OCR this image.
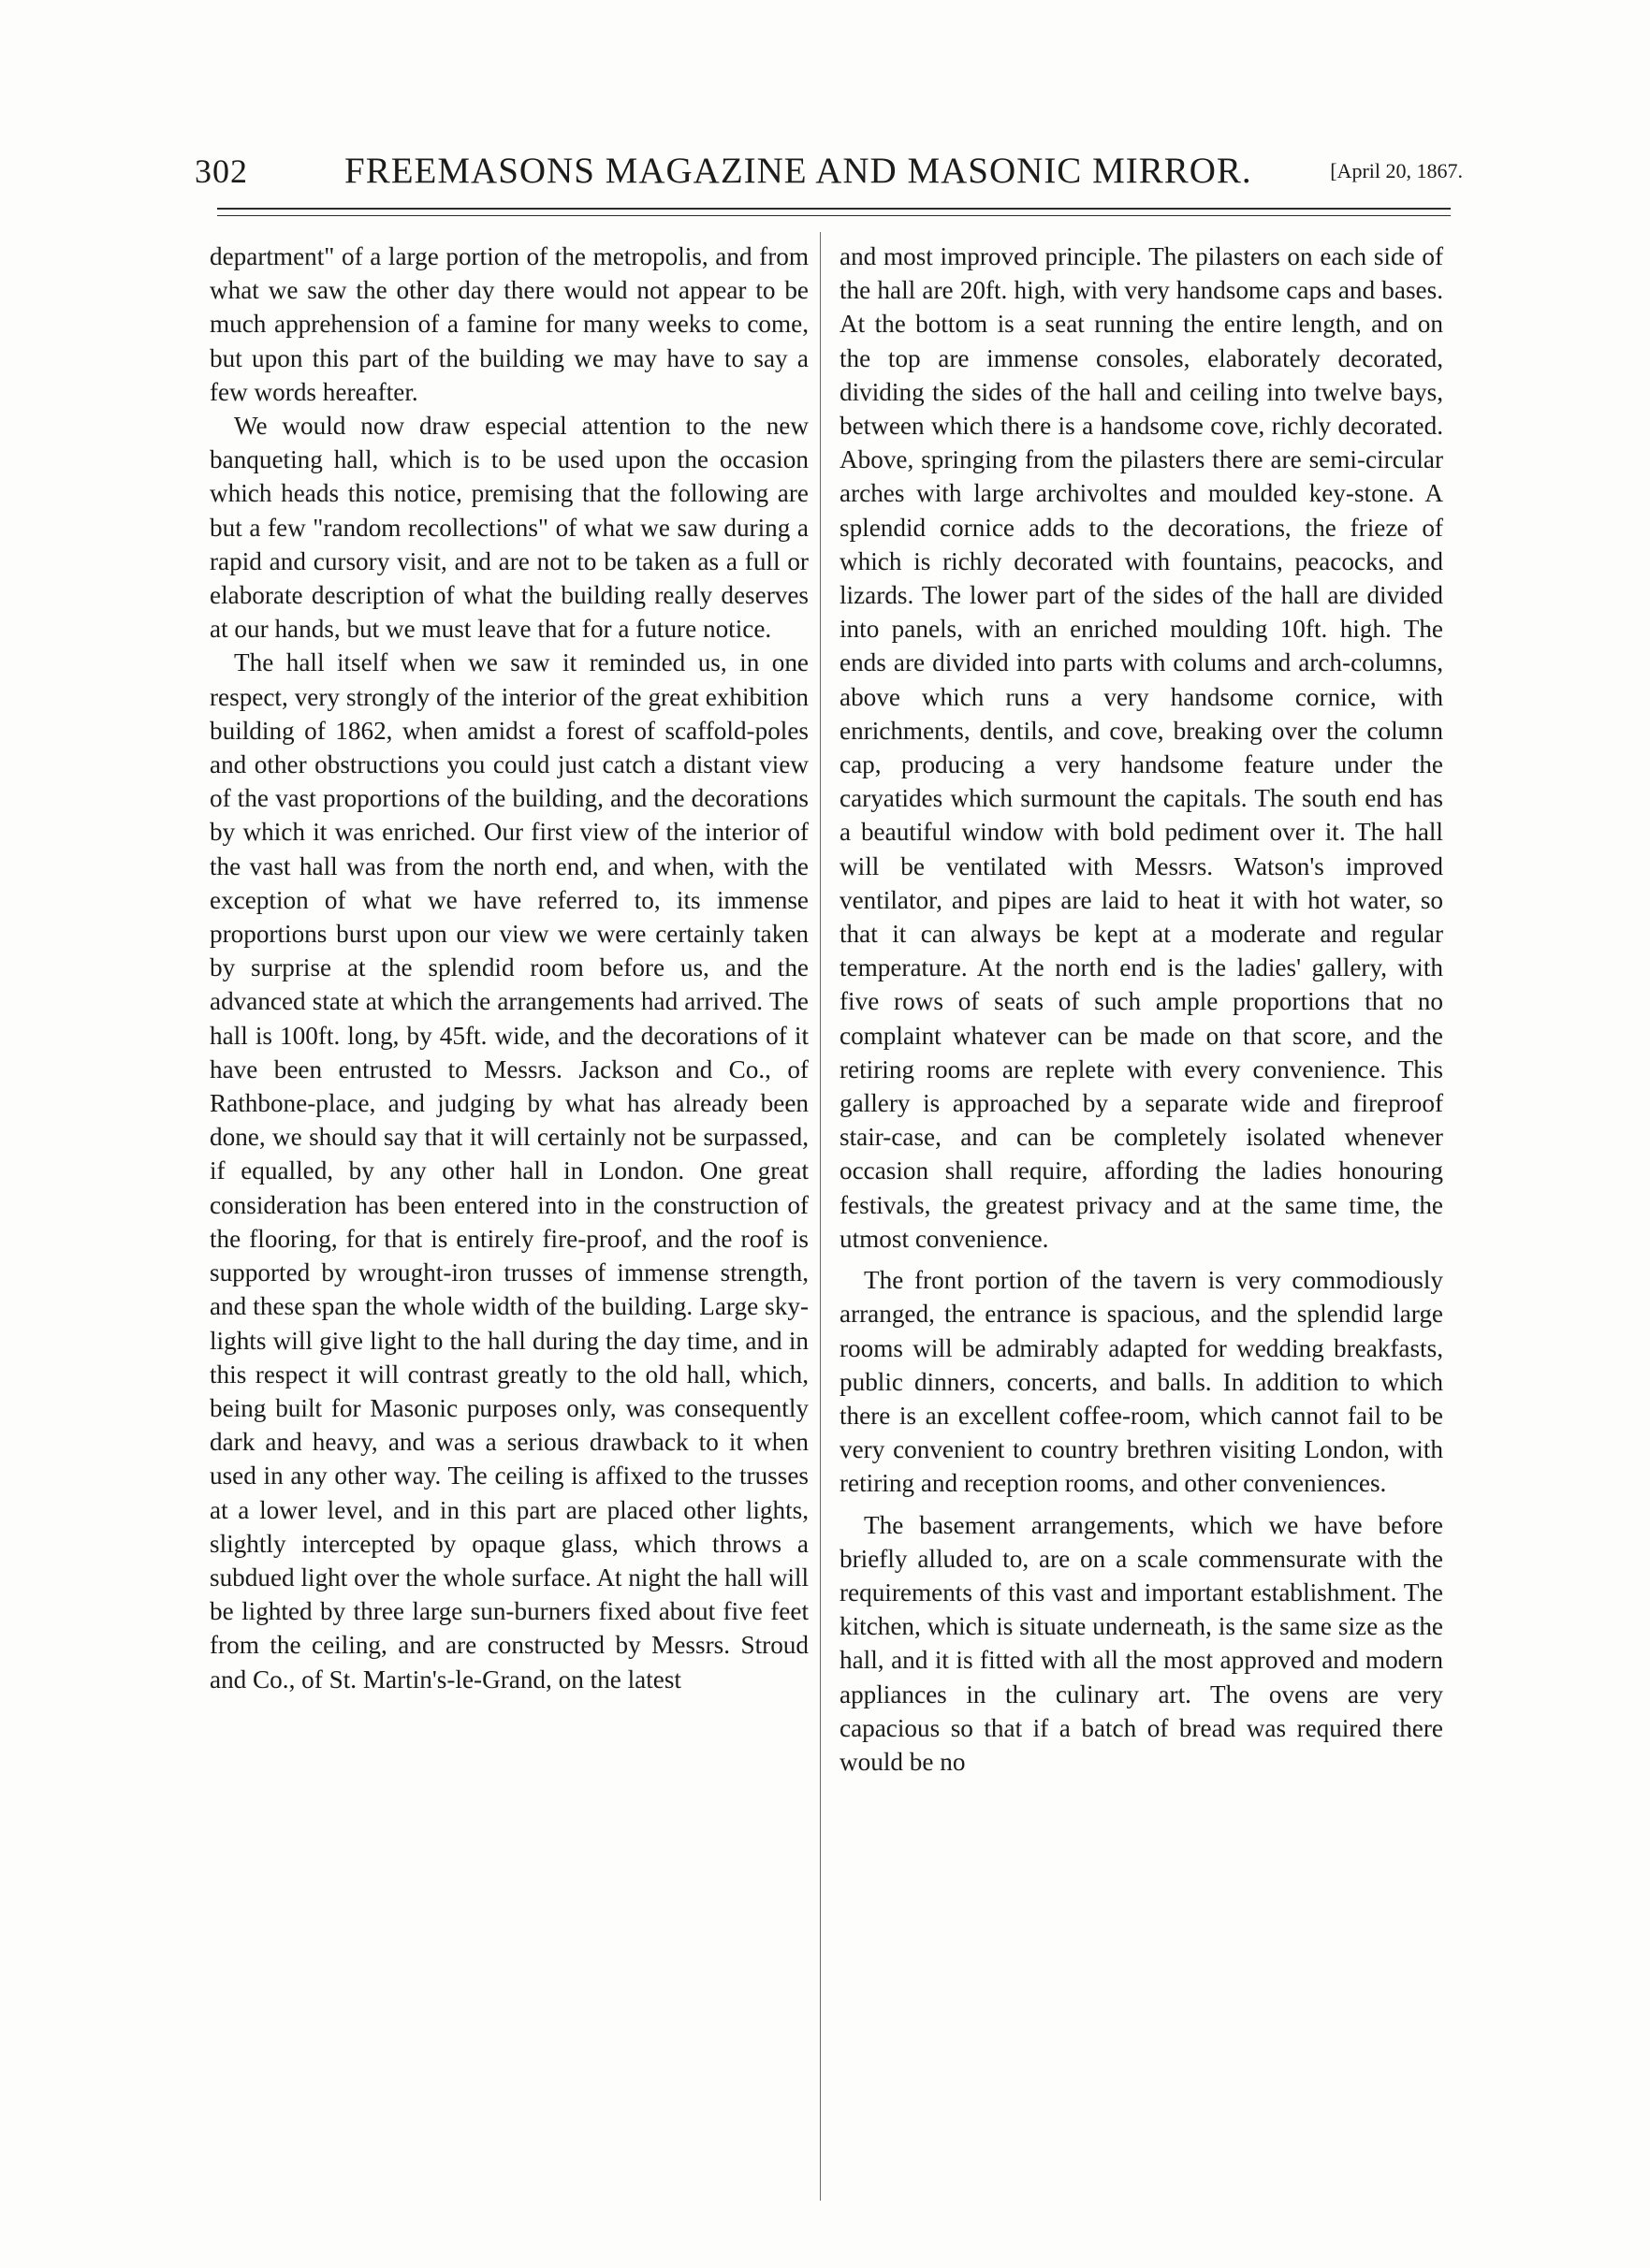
302	FREEMASONS MAGAZINE AND MASONIC MIRROR.	[April 20, 1867.

department" of a large portion of the metropolis, and from what we saw the other day there would not appear to be much apprehension of a famine for many weeks to come, but upon this part of the building we may have to say a few words hereafter.

We would now draw especial attention to the new banqueting hall, which is to be used upon the occasion which heads this notice, premising that the following are but a few "random recollections" of what we saw during a rapid and cursory visit, and are not to be taken as a full or elaborate description of what the building really deserves at our hands, but we must leave that for a future notice.

The hall itself when we saw it reminded us, in one respect, very strongly of the interior of the great exhibition building of 1862, when amidst a forest of scaffold-poles and other obstructions you could just catch a distant view of the vast proportions of the building, and the decorations by which it was enriched. Our first view of the interior of the vast hall was from the north end, and when, with the exception of what we have referred to, its immense proportions burst upon our view we were certainly taken by surprise at the splendid room before us, and the advanced state at which the arrangements had arrived. The hall is 100ft. long, by 45ft. wide, and the decorations of it have been entrusted to Messrs. Jackson and Co., of Rathbone-place, and judging by what has already been done, we should say that it will certainly not be surpassed, if equalled, by any other hall in London. One great consideration has been entered into in the construction of the flooring, for that is entirely fire-proof, and the roof is supported by wrought-iron trusses of immense strength, and these span the whole width of the building. Large sky-lights will give light to the hall during the day time, and in this respect it will contrast greatly to the old hall, which, being built for Masonic purposes only, was consequently dark and heavy, and was a serious drawback to it when used in any other way. The ceiling is affixed to the trusses at a lower level, and in this part are placed other lights, slightly intercepted by opaque glass, which throws a subdued light over the whole surface. At night the hall will be lighted by three large sun-burners fixed about five feet from the ceiling, and are constructed by Messrs. Stroud and Co., of St. Martin's-le-Grand, on the latest

and most improved principle. The pilasters on each side of the hall are 20ft. high, with very handsome caps and bases. At the bottom is a seat running the entire length, and on the top are immense consoles, elaborately decorated, dividing the sides of the hall and ceiling into twelve bays, between which there is a handsome cove, richly decorated. Above, springing from the pilasters there are semi-circular arches with large archivoltes and moulded key-stone. A splendid cornice adds to the decorations, the frieze of which is richly decorated with fountains, peacocks, and lizards. The lower part of the sides of the hall are divided into panels, with an enriched moulding 10ft. high. The ends are divided into parts with colums and arch-columns, above which runs a very handsome cornice, with enrichments, dentils, and cove, breaking over the column cap, producing a very handsome feature under the caryatides which surmount the capitals. The south end has a beautiful window with bold pediment over it. The hall will be ventilated with Messrs. Watson's improved ventilator, and pipes are laid to heat it with hot water, so that it can always be kept at a moderate and regular temperature. At the north end is the ladies' gallery, with five rows of seats of such ample proportions that no complaint whatever can be made on that score, and the retiring rooms are replete with every convenience. This gallery is approached by a separate wide and fireproof stair-case, and can be completely isolated whenever occasion shall require, affording the ladies honouring festivals, the greatest privacy and at the same time, the utmost convenience.

The front portion of the tavern is very commodiously arranged, the entrance is spacious, and the splendid large rooms will be admirably adapted for wedding breakfasts, public dinners, concerts, and balls. In addition to which there is an excellent coffee-room, which cannot fail to be very convenient to country brethren visiting London, with retiring and reception rooms, and other conveniences.

The basement arrangements, which we have before briefly alluded to, are on a scale commensurate with the requirements of this vast and important establishment. The kitchen, which is situate underneath, is the same size as the hall, and it is fitted with all the most approved and modern appliances in the culinary art. The ovens are very capacious so that if a batch of bread was required there would be no
